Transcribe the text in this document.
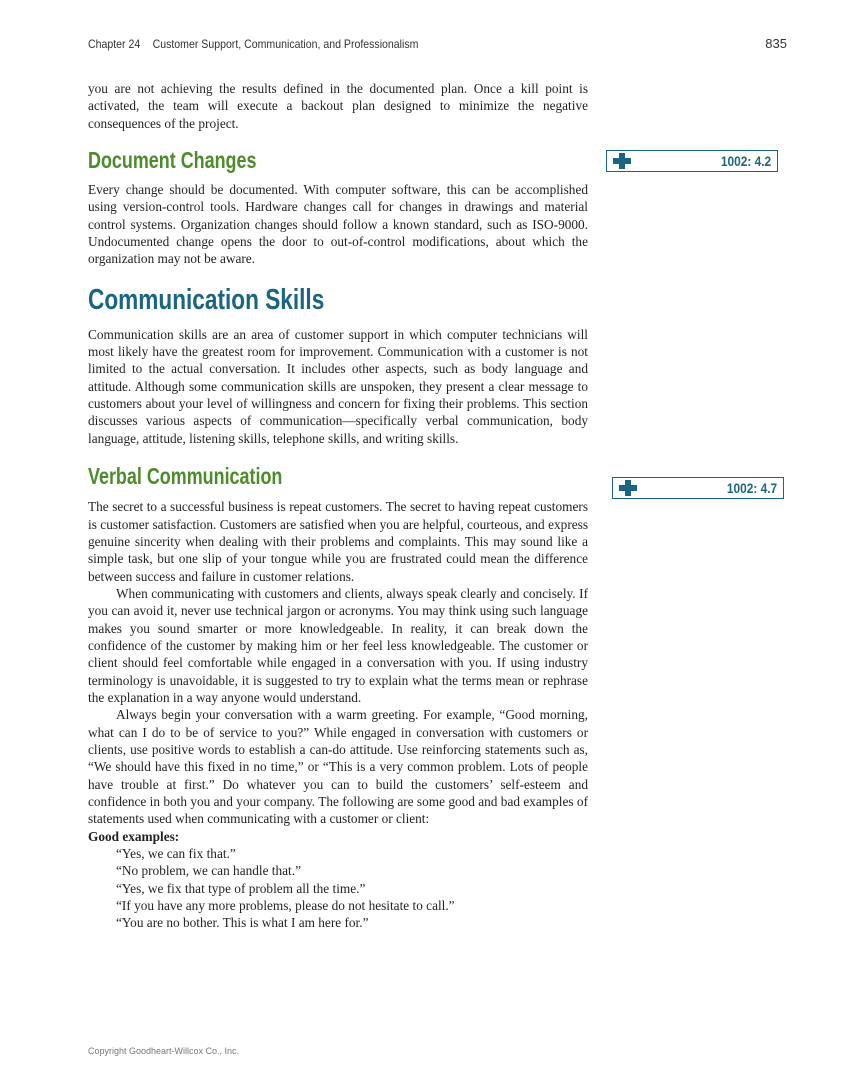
Chapter 24 Customer Support, Communication, and Professionalism	835

you are not achieving the results defined in the documented plan. Once a kill point is activated, the team will execute a backout plan designed to minimize the negative consequences of the project.

Document Changes

Every change should be documented. With computer software, this can be accomplished using version-control tools. Hardware changes call for changes in drawings and material control systems. Organization changes should follow a known standard, such as ISO-9000. Undocumented change opens the door to out-of-control modifications, about which the organization may not be aware.

Communication Skills

Communication skills are an area of customer support in which computer technicians will most likely have the greatest room for improvement. Communication with a customer is not limited to the actual conversation. It includes other aspects, such as body language and attitude. Although some communication skills are unspoken, they present a clear message to customers about your level of willingness and concern for fixing their problems. This section discusses various aspects of communication—specifically verbal communication, body language, attitude, listening skills, telephone skills, and writing skills.

Verbal Communication

The secret to a successful business is repeat customers. The secret to having repeat customers is customer satisfaction. Customers are satisfied when you are helpful, courteous, and express genuine sincerity when dealing with their problems and complaints. This may sound like a simple task, but one slip of your tongue while you are frustrated could mean the difference between success and failure in customer relations.

When communicating with customers and clients, always speak clearly and concisely. If you can avoid it, never use technical jargon or acronyms. You may think using such language makes you sound smarter or more knowledgeable. In reality, it can break down the confidence of the customer by making him or her feel less knowledgeable. The customer or client should feel comfortable while engaged in a conversation with you. If using industry terminology is unavoidable, it is suggested to try to explain what the terms mean or rephrase the explanation in a way anyone would understand.

Always begin your conversation with a warm greeting. For example, “Good morning, what can I do to be of service to you?” While engaged in conversation with customers or clients, use positive words to establish a can-do attitude. Use reinforcing statements such as, “We should have this fixed in no time,” or “This is a very common problem. Lots of people have trouble at first.” Do whatever you can to build the customers’ self-esteem and confidence in both you and your company. The following are some good and bad examples of statements used when communicating with a customer or client:

Good examples:
“Yes, we can fix that.”
“No problem, we can handle that.”
“Yes, we fix that type of problem all the time.”
“If you have any more problems, please do not hesitate to call.”
“You are no bother. This is what I am here for.”
Copyright Goodheart-Willcox Co., Inc.
1002: 4.2
1002: 4.7
